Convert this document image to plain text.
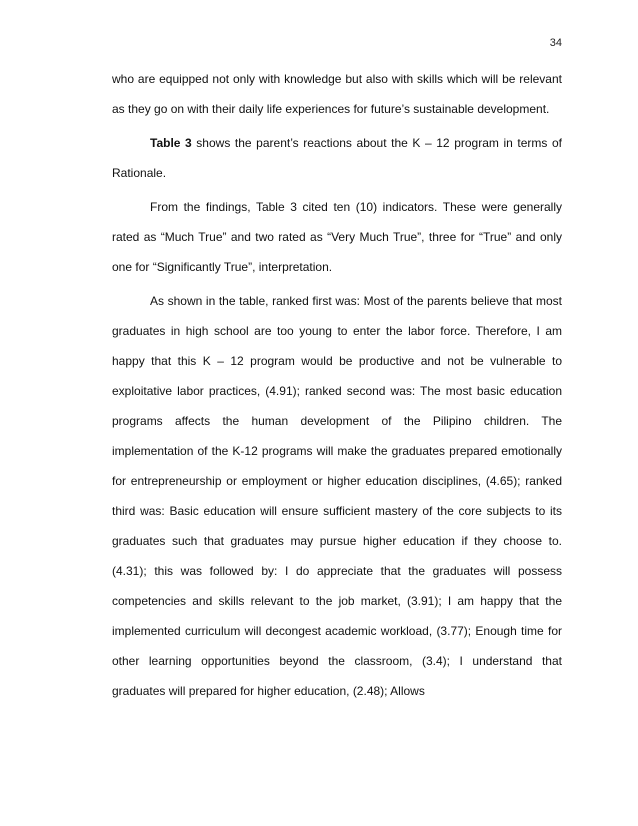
34

who are equipped not only with knowledge but also with skills which will be relevant as they go on with their daily life experiences for future’s sustainable development.

Table 3 shows the parent’s reactions about the K – 12 program in terms of Rationale.

From the findings, Table 3 cited ten (10) indicators. These were generally rated as “Much True” and two rated as “Very Much True”, three for “True” and only one for “Significantly True”, interpretation.

As shown in the table, ranked first was: Most of the parents believe that most graduates in high school are too young to enter the labor force. Therefore, I am happy that this K – 12 program would be productive and not be vulnerable to exploitative labor practices, (4.91); ranked second was: The most basic education programs affects the human development of the Pilipino children. The implementation of the K-12 programs will make the graduates prepared emotionally for entrepreneurship or employment or higher education disciplines, (4.65); ranked third was: Basic education will ensure sufficient mastery of the core subjects to its graduates such that graduates may pursue higher education if they choose to. (4.31); this was followed by: I do appreciate that the graduates will possess competencies and skills relevant to the job market, (3.91); I am happy that the implemented curriculum will decongest academic workload, (3.77); Enough time for other learning opportunities beyond the classroom, (3.4); I understand that graduates will prepared for higher education, (2.48); Allows
